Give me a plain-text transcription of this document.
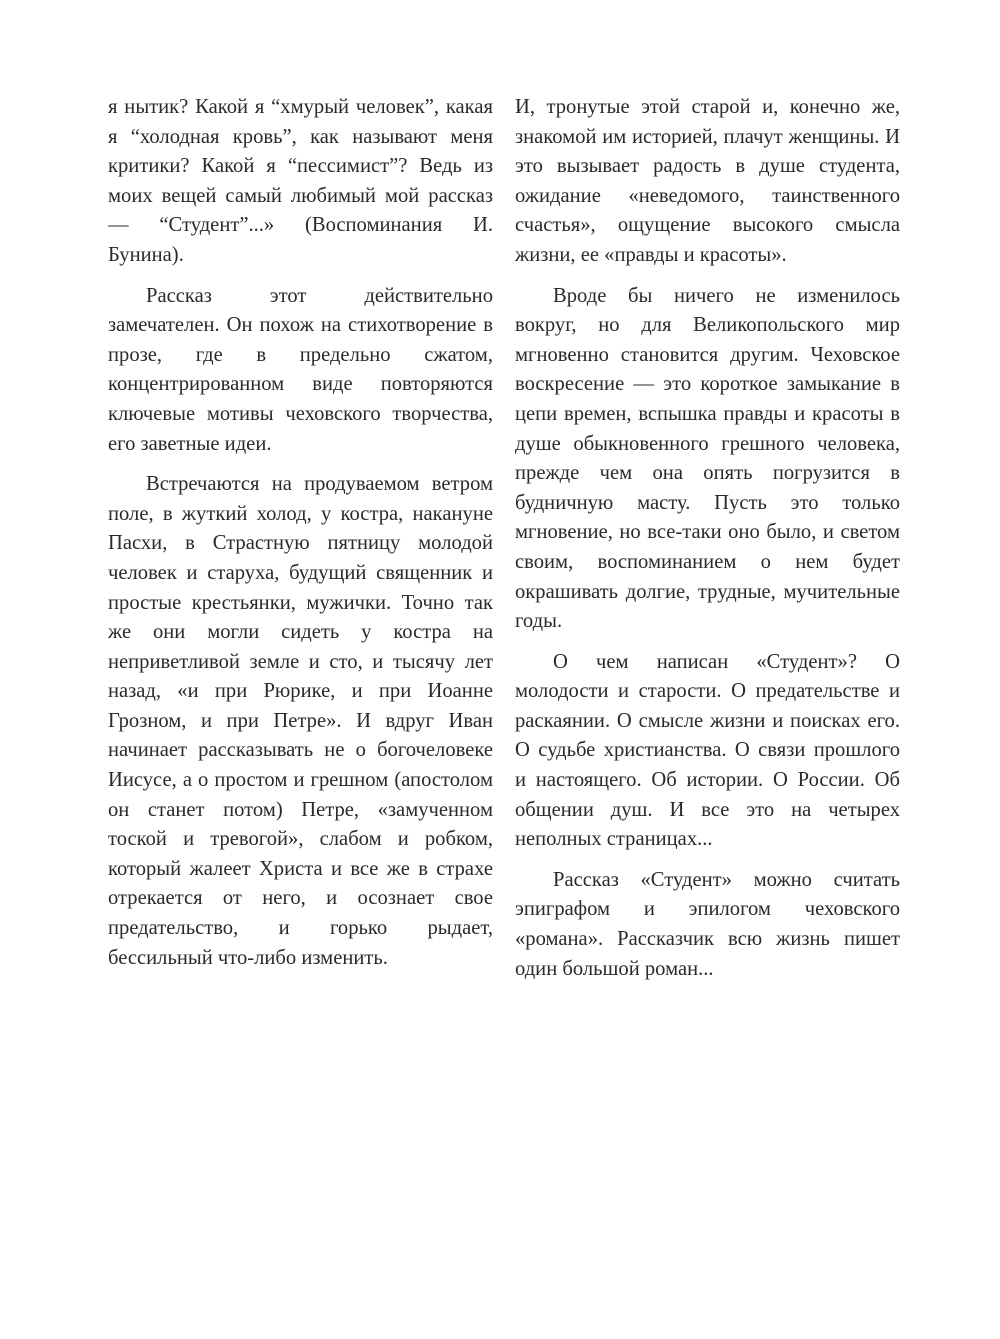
я нытик? Какой я “хмурый человек”, какая я “холодная кровь”, как называют меня критики? Какой я “пессимист”? Ведь из моих вещей самый любимый мой рассказ — “Студент”...» (Воспоминания И. Бунина).

Рассказ этот действительно замечателен. Он похож на стихотворение в прозе, где в предельно сжатом, концентрированном виде повторяются ключевые мотивы чеховского творчества, его заветные идеи.

Встречаются на продуваемом ветром поле, в жуткий холод, у костра, накануне Пасхи, в Страстную пятницу молодой человек и старуха, будущий священник и простые крестьянки, мужички. Точно так же они могли сидеть у костра на неприветливой земле и сто, и тысячу лет назад, «и при Рюрике, и при Иоанне Грозном, и при Петре». И вдруг Иван начинает рассказывать не о богочеловеке Иисусе, а о простом и грешном (апостолом он станет потом) Петре, «замученном тоской и тревогой», слабом и робком, который жалеет Христа и все же в страхе отрекается от него, и осознает свое предательство, и горько рыдает, бессильный что-либо изменить.

И, тронутые этой старой и, конечно же, знакомой им историей, плачут женщины. И это вызывает радость в душе студента, ожидание «неведомого, таинственного счастья», ощущение высокого смысла жизни, ее «правды и красоты».

Вроде бы ничего не изменилось вокруг, но для Великопольского мир мгновенно становится другим. Чеховское воскресение — это короткое замыкание в цепи времен, вспышка правды и красоты в душе обыкновенного грешного человека, прежде чем она опять погрузится в будничную масту. Пусть это только мгновение, но все-таки оно было, и светом своим, воспоминанием о нем будет окрашивать долгие, трудные, мучительные годы.

О чем написан «Студент»? О молодости и старости. О предательстве и раскаянии. О смысле жизни и поисках его. О судьбе христианства. О связи прошлого и настоящего. Об истории. О России. Об общении душ. И все это на четырех неполных страницах...

Рассказ «Студент» можно считать эпиграфом и эпилогом чеховского «романа». Рассказчик всю жизнь пишет один большой роман...
